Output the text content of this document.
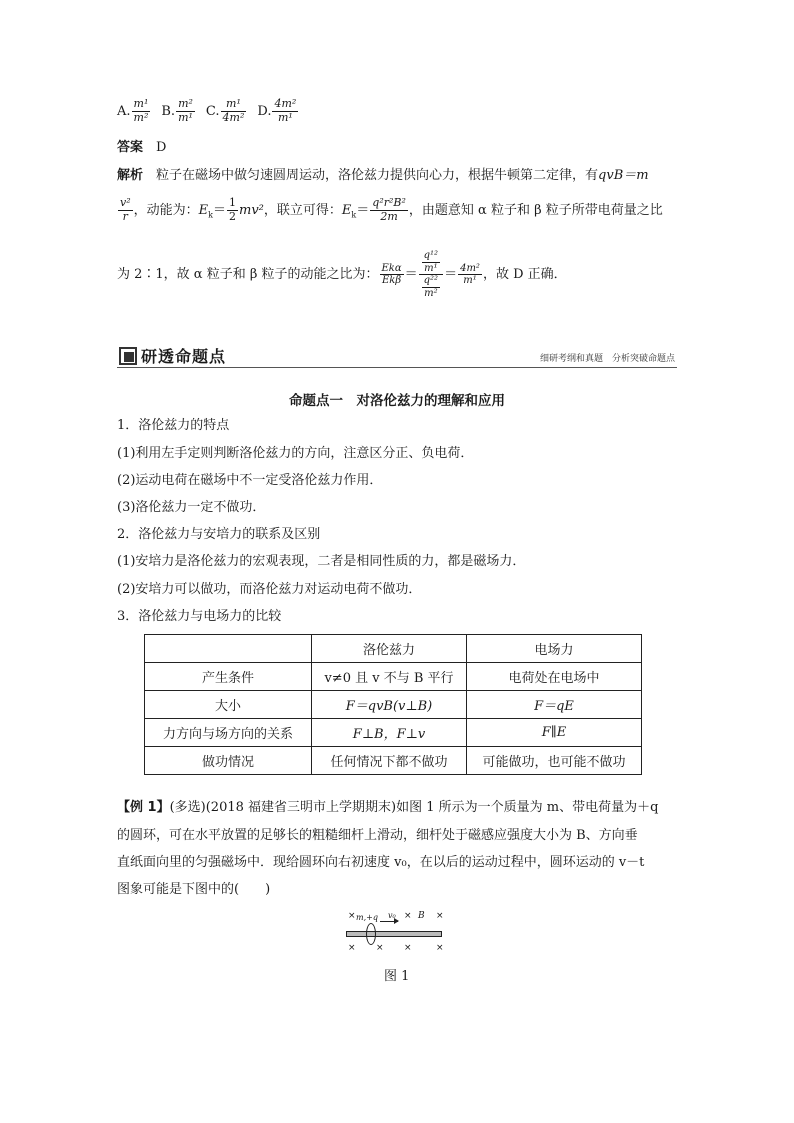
A. $\frac{\text{m¹}}{\text{m²}} B$. $\frac{\text{m²}}{\text{m¹}} C$. $\frac{\text{m¹}}{\text{4m²}} D$. $\frac{\text{4m²}}{\text{m¹}}$
答案　 D
解析　 粒子在磁场中做匀速圆周运动，洛伦兹力提供向心力，根据牛顿第二定律，有qvB＝m
$\frac{\text{v²}}{r}$ ，动能为：$E_k= \frac{1}{2} mv^2$，联立可得：$E_k= \frac{\text{q²r²B²}}{2m}$ ，由题意知 α 粒子和 β 粒子所带电荷量之比
为 2∶1，故 α 粒子和 β 粒子的动能之比为： $\frac{\text{Ekα}}{\text{Ekβ}} = \frac{\frac{\text{q¹²}}{\text{m¹}}}{\frac{\text{q²²}}{\text{m²}}} = \frac{\text{4m²}}{\text{m¹}}$ ，故 D 正确．
研透命题点	细研考纲和真题　分析突破命题点
命题点一　对洛伦兹力的理解和应用
1．洛伦兹力的特点
(1)利用左手定则判断洛伦兹力的方向，注意区分正、负电荷．
(2)运动电荷在磁场中不一定受洛伦兹力作用．
(3)洛伦兹力一定不做功．
2．洛伦兹力与安培力的联系及区别
(1)安培力是洛伦兹力的宏观表现，二者是相同性质的力，都是磁场力．
(2)安培力可以做功，而洛伦兹力对运动电荷不做功．
3．洛伦兹力与电场力的比较
	洛伦兹力	电场力
产生条件	v≠0 且 v 不与 B 平行	电荷处在电场中
大小	F＝qvB(v⊥B)	F＝qE
力方向与场方向的关系	F⊥B，F⊥v	F∥E
做功情况	任何情况下都不做功	可能做功，也可能不做功
【例 1】(多选)(2018 福建省三明市上学期期末)如图 1 所示为一个质量为 m、带电荷量为＋q
的圆环，可在水平放置的足够长的粗糙细杆上滑动，细杆处于磁感应强度大小为 B、方向垂
直纸面向里的匀强磁场中．现给圆环向右初速度 v₀，在以后的运动过程中，圆环运动的 v－t
图象可能是下图中的(　　)
× m,+q v₀ × B ×
× × ×	×
图 1
